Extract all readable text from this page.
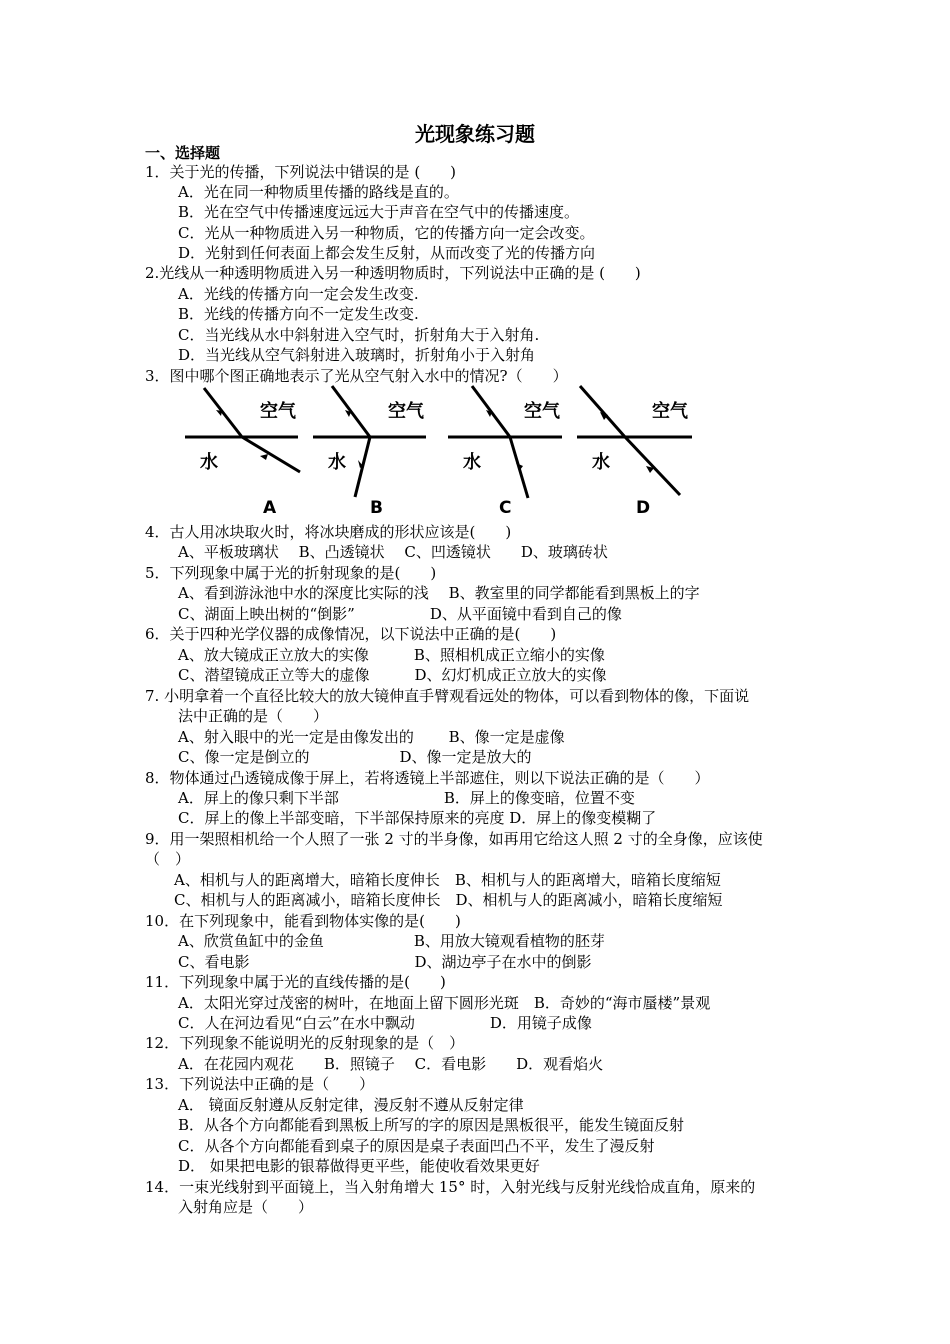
光现象练习题
一、选择题
1．关于光的传播，下列说法中错误的是 (　　)
A．光在同一种物质里传播的路线是直的。
B．光在空气中传播速度远远大于声音在空气中的传播速度。
C．光从一种物质进入另一种物质，它的传播方向一定会改变。
D．光射到任何表面上都会发生反射，从而改变了光的传播方向
2.光线从一种透明物质进入另一种透明物质时，下列说法中正确的是 (　　)
A．光线的传播方向一定会发生改变.
B．光线的传播方向不一定发生改变.
C．当光线从水中斜射进入空气时，折射角大于入射角.
D．当光线从空气斜射进入玻璃时，折射角小于入射角
3．图中哪个图正确地表示了光从空气射入水中的情况?（　　）
空气
水
A
空气
水
B
空气
水
C
空气
水
D
4．古人用冰块取火时，将冰块磨成的形状应该是(　　)
A、平板玻璃状　 B、凸透镜状　 C、凹透镜状　　D、玻璃砖状
5．下列现象中属于光的折射现象的是(　　)
A、看到游泳池中水的深度比实际的浅　 B、教室里的同学都能看到黑板上的字
C、湖面上映出树的“倒影”　　　　　D、从平面镜中看到自己的像
6．关于四种光学仪器的成像情况，以下说法中正确的是(　　)
A、放大镜成正立放大的实像　　　B、照相机成正立缩小的实像
C、潜望镜成正立等大的虚像　　　D、幻灯机成正立放大的实像
7. 小明拿着一个直径比较大的放大镜伸直手臂观看远处的物体，可以看到物体的像，下面说
法中正确的是（　　）
A、射入眼中的光一定是由像发出的　　 B、像一定是虚像
C、像一定是倒立的　　　　　　D、像一定是放大的
8．物体通过凸透镜成像于屏上，若将透镜上半部遮住，则以下说法正确的是（　　）
A．屏上的像只剩下半部　　　　　　　B．屏上的像变暗，位置不变
C．屏上的像上半部变暗，下半部保持原来的亮度 D．屏上的像变模糊了
9．用一架照相机给一个人照了一张 2 寸的半身像，如再用它给这人照 2 寸的全身像，应该使
（　）
A、相机与人的距离增大，暗箱长度伸长　B、相机与人的距离增大，暗箱长度缩短
C、相机与人的距离减小，暗箱长度伸长　D、相机与人的距离减小，暗箱长度缩短
10．在下列现象中，能看到物体实像的是(　　)
A、欣赏鱼缸中的金鱼　　　　　　B、用放大镜观看植物的胚芽
C、看电影　　　　　　　　　　　D、湖边亭子在水中的倒影
11．下列现象中属于光的直线传播的是(　　)
A．太阳光穿过茂密的树叶，在地面上留下圆形光斑　B．奇妙的“海市蜃楼”景观
C．人在河边看见“白云”在水中飘动　　　　　D．用镜子成像
12．下列现象不能说明光的反射现象的是（　）
A．在花园内观花　　B．照镜子　 C．看电影　　D．观看焰火
13．下列说法中正确的是（　　）
A． 镜面反射遵从反射定律，漫反射不遵从反射定律
B．从各个方向都能看到黑板上所写的字的原因是黑板很平，能发生镜面反射
C．从各个方向都能看到桌子的原因是桌子表面凹凸不平，发生了漫反射
D． 如果把电影的银幕做得更平些，能使收看效果更好
14．一束光线射到平面镜上，当入射角增大 15° 时，入射光线与反射光线恰成直角，原来的
入射角应是（　　）
